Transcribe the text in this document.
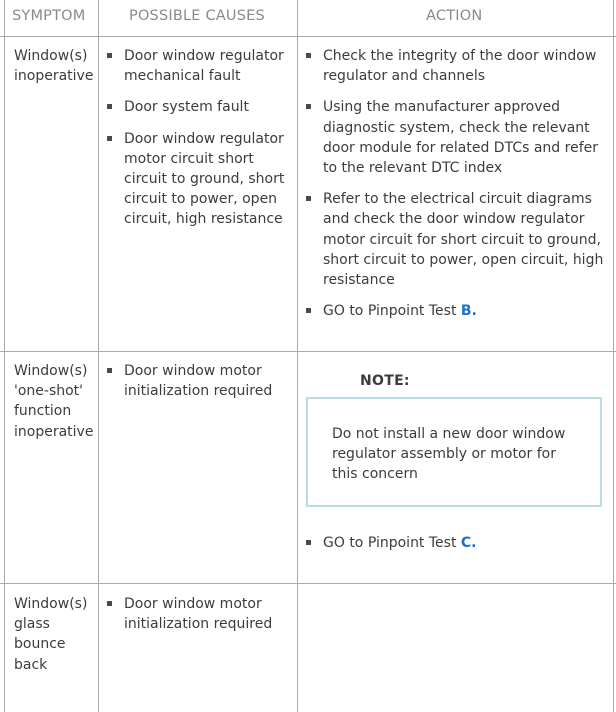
SYMPTOM	POSSIBLE CAUSES	ACTION
Window(s) inoperative
Door window regulator mechanical fault
Door system fault
Door window regulator motor circuit short circuit to ground, short circuit to power, open circuit, high resistance
Check the integrity of the door window regulator and channels
Using the manufacturer approved diagnostic system, check the relevant door module for related DTCs and refer to the relevant DTC index
Refer to the electrical circuit diagrams and check the door window regulator motor circuit for short circuit to ground, short circuit to power, open circuit, high resistance
GO to Pinpoint Test B.
Window(s) 'one-shot' function inoperative
Door window motor initialization required
NOTE:
Do not install a new door window regulator assembly or motor for this concern
GO to Pinpoint Test C.
Window(s) glass bounce back
Door window motor initialization required
